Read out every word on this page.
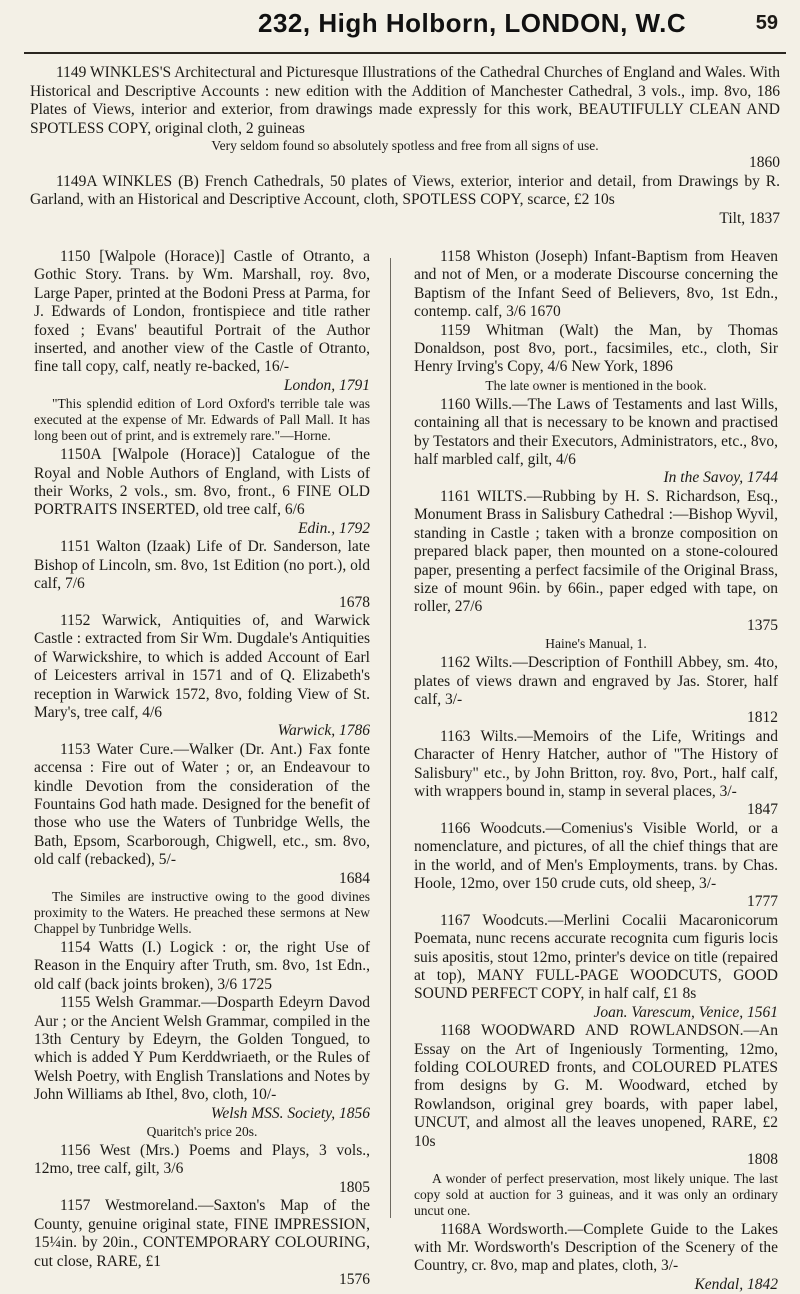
232, High Holborn, LONDON, W.C	59

1149 WINKLES'S Architectural and Picturesque Illustrations of the Cathedral Churches of England and Wales. With Historical and Descriptive Accounts : new edition with the Addition of Manchester Cathedral, 3 vols., imp. 8vo, 186 Plates of Views, interior and exterior, from drawings made expressly for this work, BEAUTIFULLY CLEAN AND SPOTLESS COPY, original cloth, 2 guineas

Very seldom found so absolutely spotless and free from all signs of use.

1860

1149A WINKLES (B) French Cathedrals, 50 plates of Views, exterior, interior and detail, from Drawings by R. Garland, with an Historical and Descriptive Account, cloth, SPOTLESS COPY, scarce, £2 10s

Tilt, 1837

1150 [Walpole (Horace)] Castle of Otranto, a Gothic Story. Trans. by Wm. Marshall, roy. 8vo, Large Paper, printed at the Bodoni Press at Parma, for J. Edwards of London, frontispiece and title rather foxed ; Evans' beautiful Portrait of the Author inserted, and another view of the Castle of Otranto, fine tall copy, calf, neatly re-backed, 16/-

London, 1791

"This splendid edition of Lord Oxford's terrible tale was executed at the expense of Mr. Edwards of Pall Mall. It has long been out of print, and is extremely rare."—Horne.

1150A [Walpole (Horace)] Catalogue of the Royal and Noble Authors of England, with Lists of their Works, 2 vols., sm. 8vo, front., 6 FINE OLD PORTRAITS INSERTED, old tree calf, 6/6

Edin., 1792

1151 Walton (Izaak) Life of Dr. Sanderson, late Bishop of Lincoln, sm. 8vo, 1st Edition (no port.), old calf, 7/6

1678

1152 Warwick, Antiquities of, and Warwick Castle : extracted from Sir Wm. Dugdale's Antiquities of Warwickshire, to which is added Account of Earl of Leicesters arrival in 1571 and of Q. Elizabeth's reception in Warwick 1572, 8vo, folding View of St. Mary's, tree calf, 4/6

Warwick, 1786

1153 Water Cure.—Walker (Dr. Ant.) Fax fonte accensa : Fire out of Water ; or, an Endeavour to kindle Devotion from the consideration of the Fountains God hath made. Designed for the benefit of those who use the Waters of Tunbridge Wells, the Bath, Epsom, Scarborough, Chigwell, etc., sm. 8vo, old calf (rebacked), 5/-

1684

The Similes are instructive owing to the good divines proximity to the Waters. He preached these sermons at New Chappel by Tunbridge Wells.

1154 Watts (I.) Logick : or, the right Use of Reason in the Enquiry after Truth, sm. 8vo, 1st Edn., old calf (back joints broken), 3/6 1725

1155 Welsh Grammar.—Dosparth Edeyrn Davod Aur ; or the Ancient Welsh Grammar, compiled in the 13th Century by Edeyrn, the Golden Tongued, to which is added Y Pum Kerddwriaeth, or the Rules of Welsh Poetry, with English Translations and Notes by John Williams ab Ithel, 8vo, cloth, 10/-

Welsh MSS. Society, 1856

Quaritch's price 20s.

1156 West (Mrs.) Poems and Plays, 3 vols., 12mo, tree calf, gilt, 3/6

1805

1157 Westmoreland.—Saxton's Map of the County, genuine original state, FINE IMPRESSION, 15¼in. by 20in., CONTEMPORARY COLOURING, cut close, RARE, £1

1576

1158 Whiston (Joseph) Infant-Baptism from Heaven and not of Men, or a moderate Discourse concerning the Baptism of the Infant Seed of Believers, 8vo, 1st Edn., contemp. calf, 3/6 1670

1159 Whitman (Walt) the Man, by Thomas Donaldson, post 8vo, port., facsimiles, etc., cloth, Sir Henry Irving's Copy, 4/6 New York, 1896

The late owner is mentioned in the book.

1160 Wills.—The Laws of Testaments and last Wills, containing all that is necessary to be known and practised by Testators and their Executors, Administrators, etc., 8vo, half marbled calf, gilt, 4/6

In the Savoy, 1744

1161 WILTS.—Rubbing by H. S. Richardson, Esq., Monument Brass in Salisbury Cathedral :—Bishop Wyvil, standing in Castle ; taken with a bronze composition on prepared black paper, then mounted on a stone-coloured paper, presenting a perfect facsimile of the Original Brass, size of mount 96in. by 66in., paper edged with tape, on roller, 27/6

1375

Haine's Manual, 1.

1162 Wilts.—Description of Fonthill Abbey, sm. 4to, plates of views drawn and engraved by Jas. Storer, half calf, 3/-

1812

1163 Wilts.—Memoirs of the Life, Writings and Character of Henry Hatcher, author of "The History of Salisbury" etc., by John Britton, roy. 8vo, Port., half calf, with wrappers bound in, stamp in several places, 3/-

1847

1166 Woodcuts.—Comenius's Visible World, or a nomenclature, and pictures, of all the chief things that are in the world, and of Men's Employments, trans. by Chas. Hoole, 12mo, over 150 crude cuts, old sheep, 3/-

1777

1167 Woodcuts.—Merlini Cocalii Macaronicorum Poemata, nunc recens accurate recognita cum figuris locis suis apositis, stout 12mo, printer's device on title (repaired at top), MANY FULL-PAGE WOODCUTS, GOOD SOUND PERFECT COPY, in half calf, £1 8s

Joan. Varescum, Venice, 1561

1168 WOODWARD AND ROWLANDSON.—An Essay on the Art of Ingeniously Tormenting, 12mo, folding COLOURED fronts, and COLOURED PLATES from designs by G. M. Woodward, etched by Rowlandson, original grey boards, with paper label, UNCUT, and almost all the leaves unopened, RARE, £2 10s

1808

A wonder of perfect preservation, most likely unique. The last copy sold at auction for 3 guineas, and it was only an ordinary uncut one.

1168A Wordsworth.—Complete Guide to the Lakes with Mr. Wordsworth's Description of the Scenery of the Country, cr. 8vo, map and plates, cloth, 3/-

Kendal, 1842
